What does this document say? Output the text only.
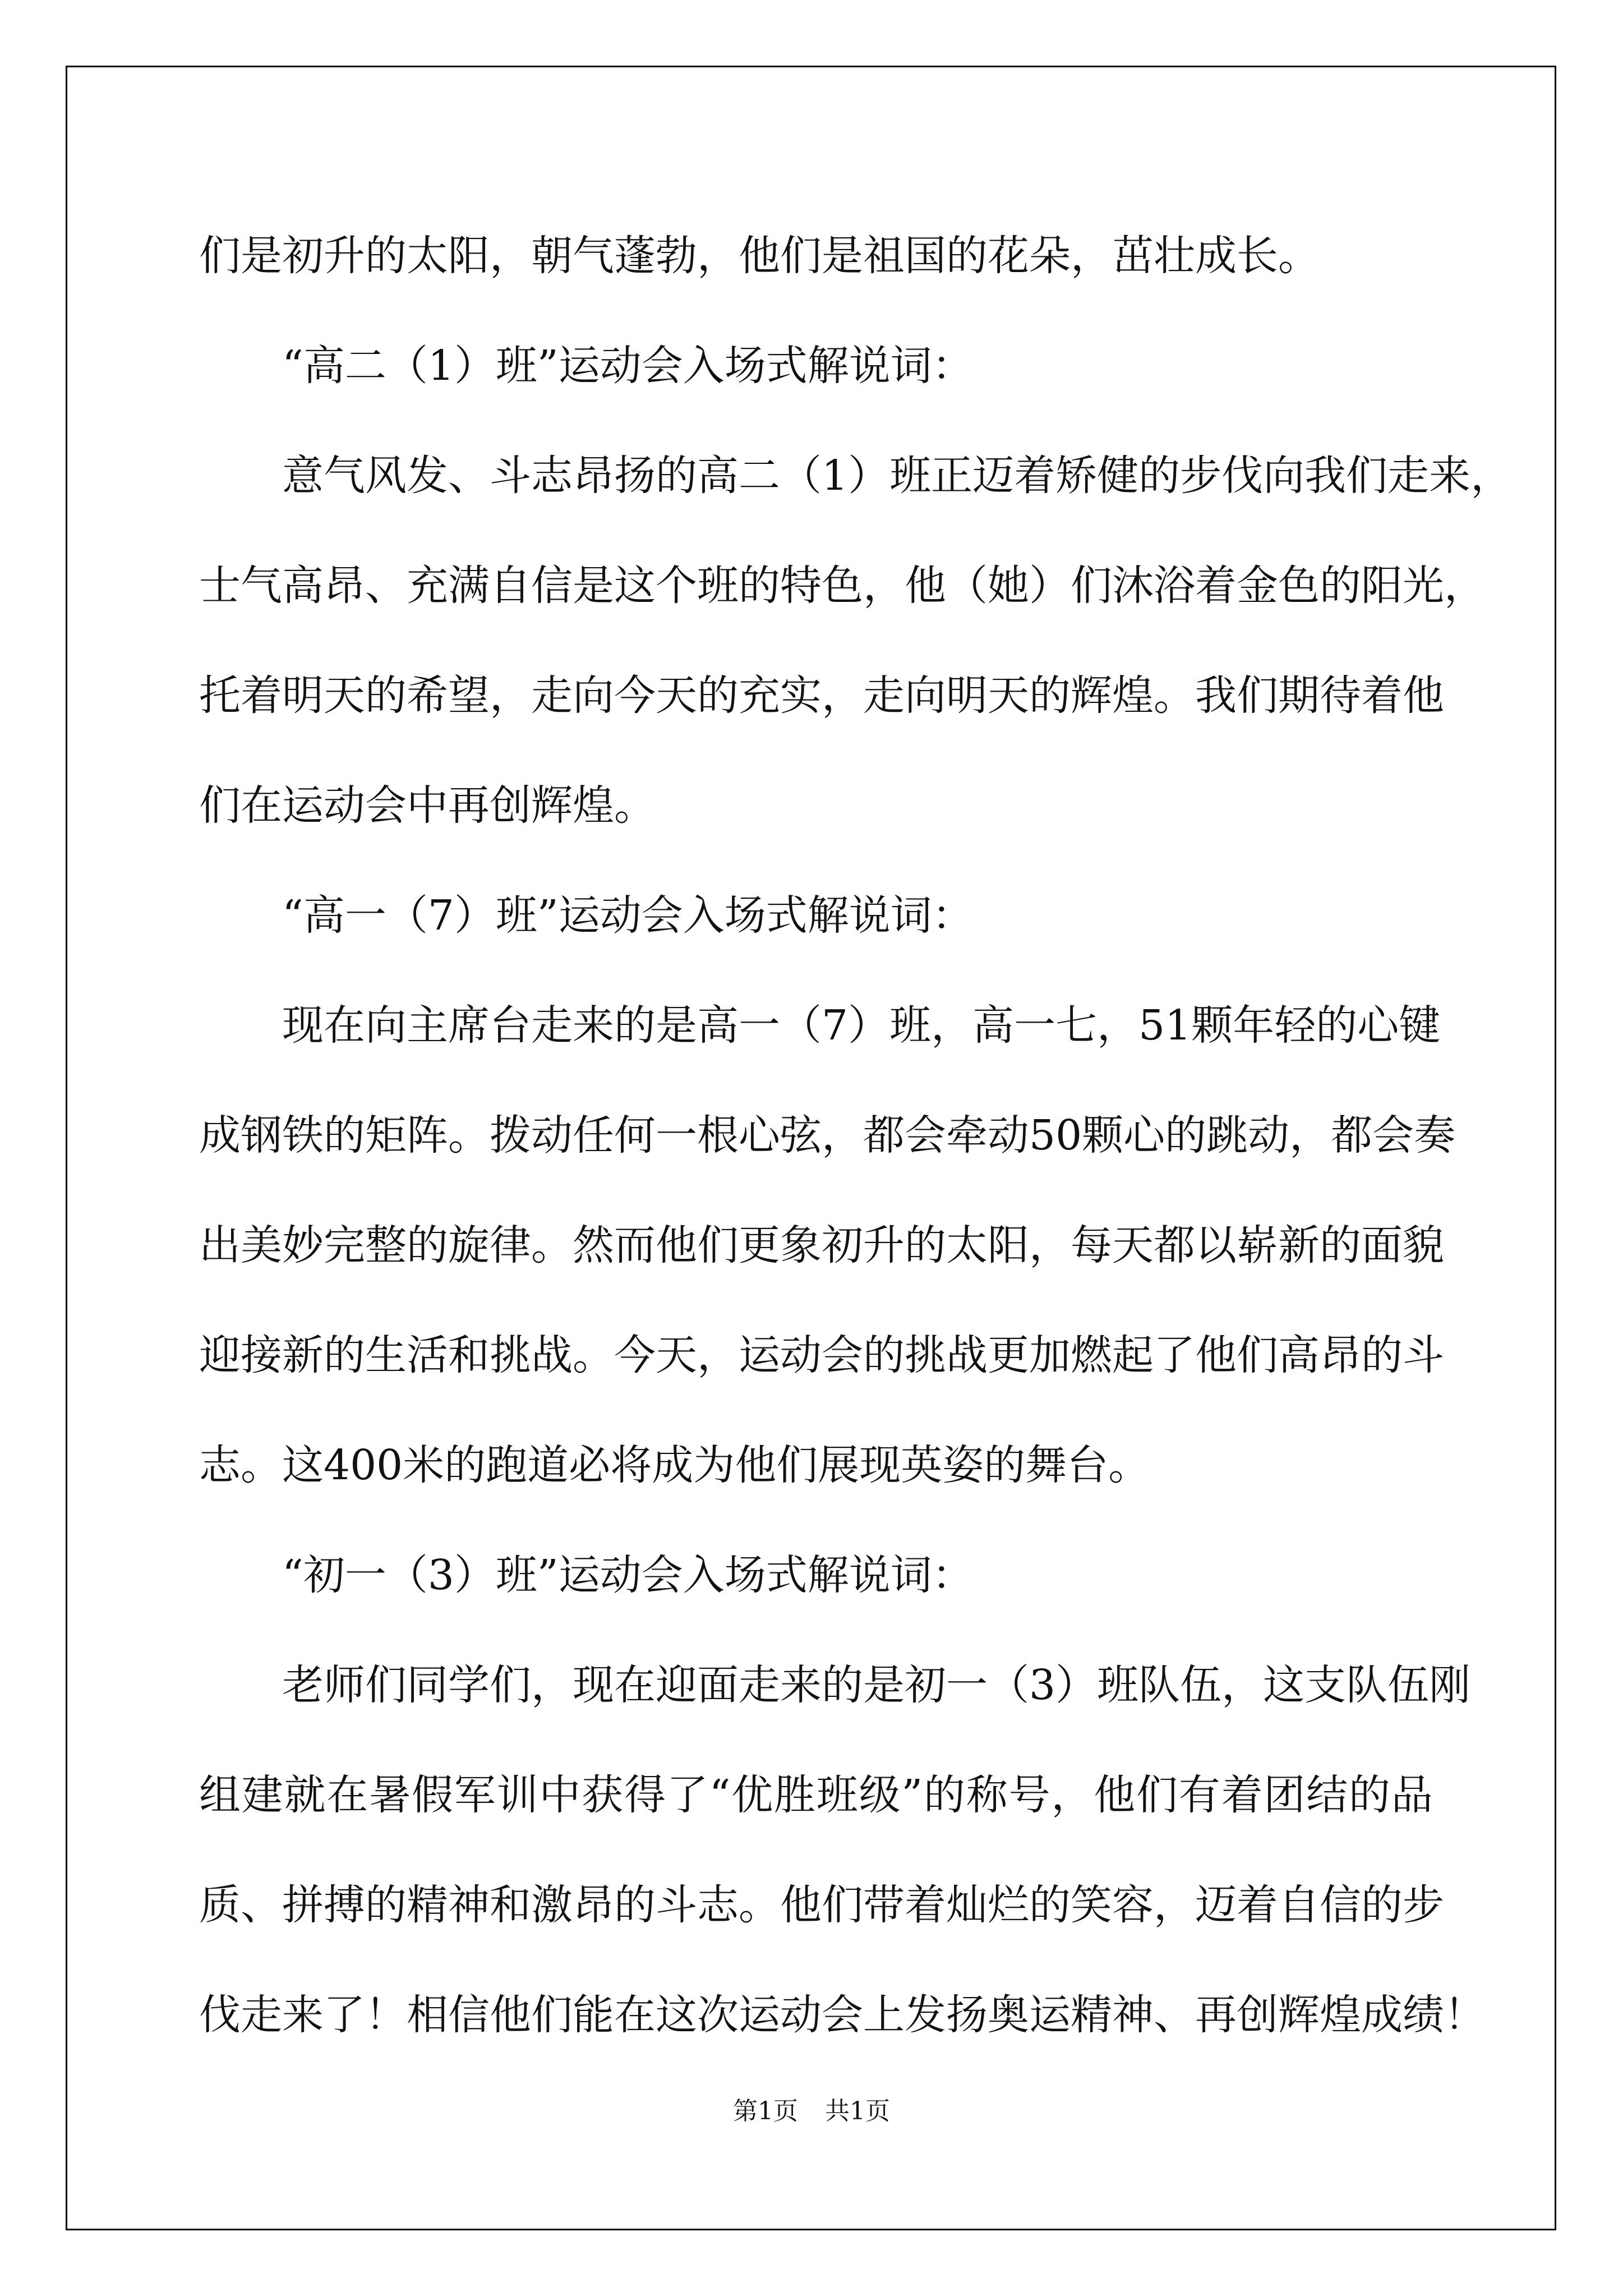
们是初升的太阳，朝气蓬勃，他们是祖国的花朵，茁壮成长。
“高二（1）班”运动会入场式解说词：
意 气 风 发 、 斗 志 昂 扬 的 高 二 （ 1 ） 班 正 迈 着 矫 健 的 步 伐 向 我 们 走 来 ，
士 气 高 昂 、 充 满 自 信 是 这 个 班 的 特 色 ， 他 （ 她 ） 们 沐 浴 着 金 色 的 阳 光 ，
托 着 明 天 的 希 望 ， 走 向 今 天 的 充 实 ， 走 向 明 天 的 辉 煌 。 我 们 期 待 着 他
们在运动会中再创辉煌。
“高一（7）班”运动会入场式解说词：
现 在 向 主 席 台 走 来 的 是 高 一 （ 7 ） 班 ， 高 一 七 ， 51 颗 年 轻 的 心 键
成 钢 铁 的 矩 阵 。 拨 动 任 何 一 根 心 弦 ， 都 会 牵 动 50 颗 心 的 跳 动 ， 都 会 奏
出 美 妙 完 整 的 旋 律 。 然 而 他 们 更 象 初 升 的 太 阳 ， 每 天 都 以 崭 新 的 面 貌
迎 接 新 的 生 活 和 挑 战 。 今 天 ， 运 动 会 的 挑 战 更 加 燃 起 了 他 们 高 昂 的 斗
志。这400米的跑道必将成为他们展现英姿的舞台。
“初一（3）班”运动会入场式解说词：
老 师 们 同 学 们 ， 现 在 迎 面 走 来 的 是 初 一 （ 3 ） 班 队 伍 ， 这 支 队 伍 刚
组 建 就 在 暑 假 军 训 中 获 得 了 “ 优 胜 班 级 ” 的 称 号 ， 他 们 有 着 团 结 的 品
质 、 拼 搏 的 精 神 和 激 昂 的 斗 志 。 他 们 带 着 灿 烂 的 笑 容 ， 迈 着 自 信 的 步
伐 走 来 了 ！ 相 信 他 们 能 在 这 次 运 动 会 上 发 扬 奥 运 精 神 、 再 创 辉 煌 成 绩 ！
第1页 共1页
